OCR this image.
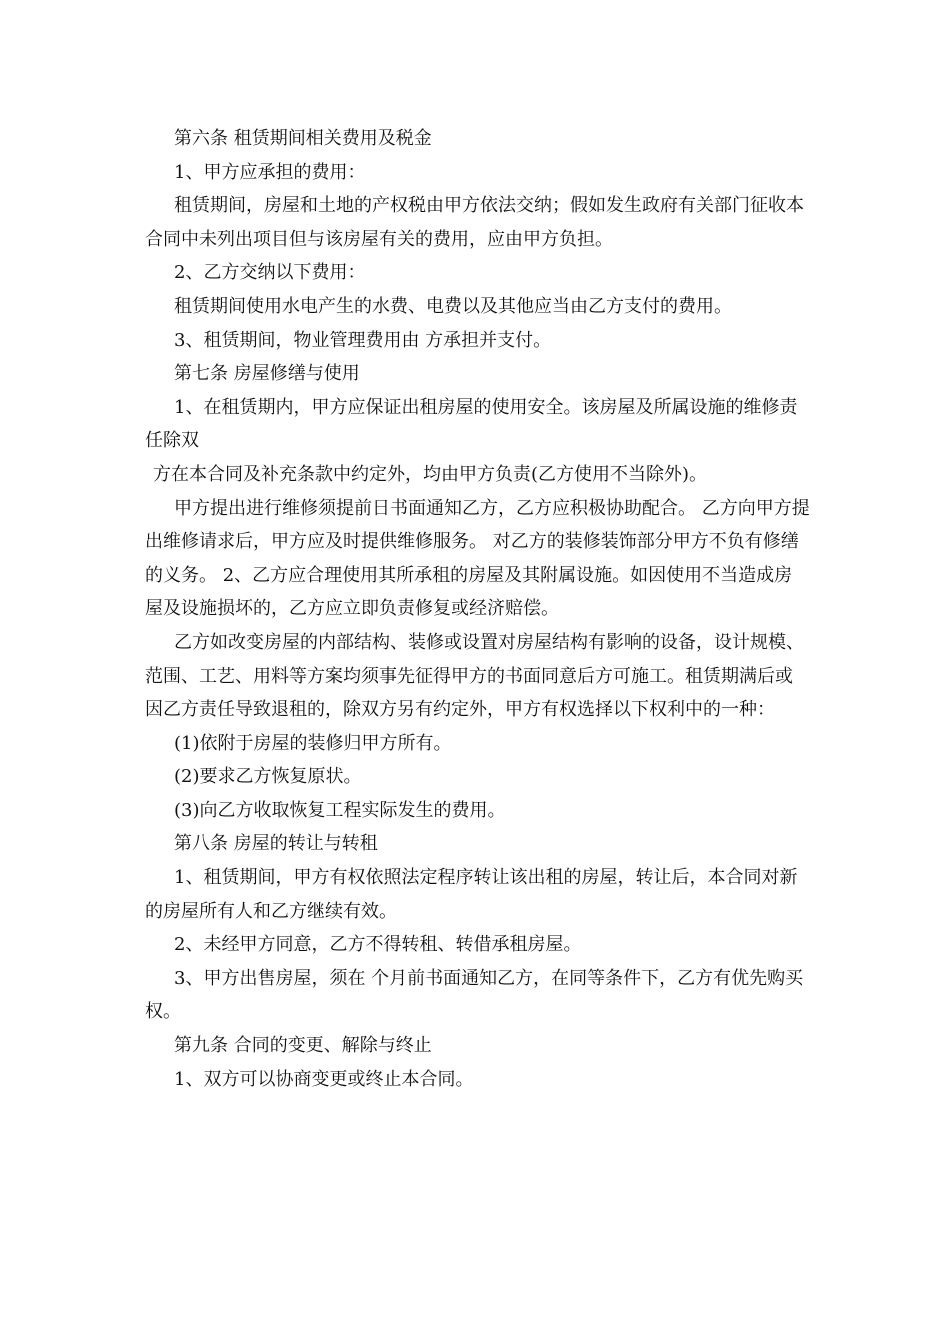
第六条 租赁期间相关费用及税金

1、甲方应承担的费用：

租赁期间，房屋和土地的产权税由甲方依法交纳；假如发生政府有关部门征收本合同中未列出项目但与该房屋有关的费用，应由甲方负担。

2、乙方交纳以下费用：

租赁期间使用水电产生的水费、电费以及其他应当由乙方支付的费用。

3、租赁期间，物业管理费用由 方承担并支付。

第七条 房屋修缮与使用

1、在租赁期内，甲方应保证出租房屋的使用安全。该房屋及所属设施的维修责任除双

方在本合同及补充条款中约定外，均由甲方负责(乙方使用不当除外)。

甲方提出进行维修须提前日书面通知乙方，乙方应积极协助配合。 乙方向甲方提出维修请求后，甲方应及时提供维修服务。 对乙方的装修装饰部分甲方不负有修缮的义务。 2、乙方应合理使用其所承租的房屋及其附属设施。如因使用不当造成房屋及设施损坏的，乙方应立即负责修复或经济赔偿。

乙方如改变房屋的内部结构、装修或设置对房屋结构有影响的设备，设计规模、范围、工艺、用料等方案均须事先征得甲方的书面同意后方可施工。租赁期满后或因乙方责任导致退租的，除双方另有约定外，甲方有权选择以下权利中的一种：

(1)依附于房屋的装修归甲方所有。

(2)要求乙方恢复原状。

(3)向乙方收取恢复工程实际发生的费用。

第八条 房屋的转让与转租

1、租赁期间，甲方有权依照法定程序转让该出租的房屋，转让后，本合同对新的房屋所有人和乙方继续有效。

2、未经甲方同意，乙方不得转租、转借承租房屋。

3、甲方出售房屋，须在 个月前书面通知乙方，在同等条件下，乙方有优先购买权。

第九条 合同的变更、解除与终止

1、双方可以协商变更或终止本合同。
